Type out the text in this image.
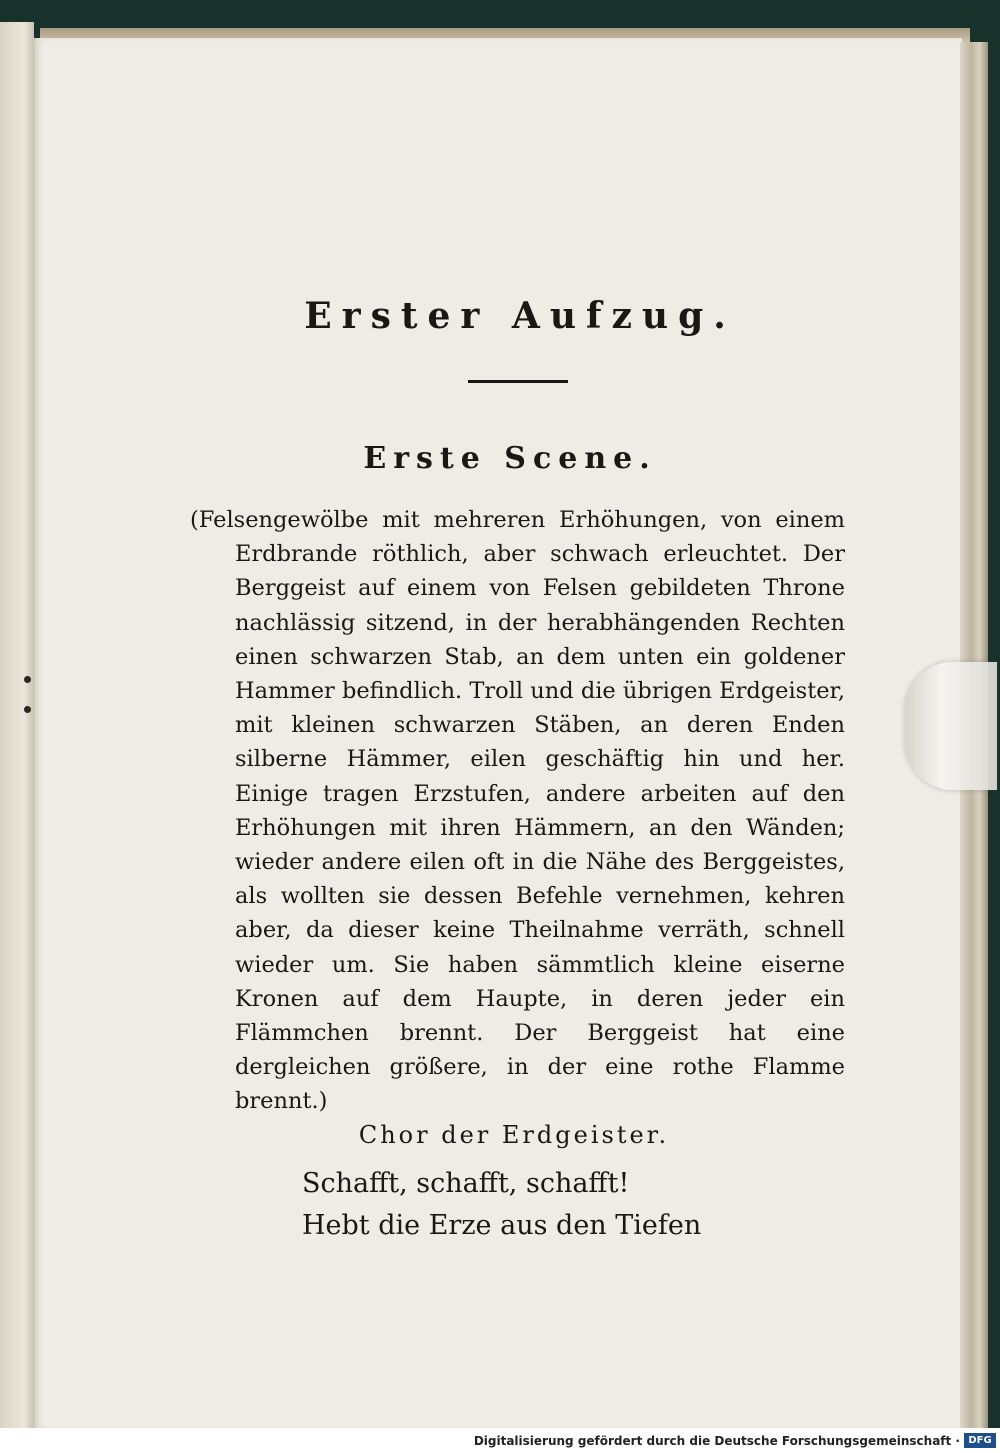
Erster Aufzug.
Erste Scene.
(Felsengewölbe mit mehreren Erhöhungen, von einem Erdbrande röthlich, aber schwach erleuchtet. Der Berggeist auf einem von Felsen gebildeten Throne nachlässig sitzend, in der herabhängenden Rechten einen schwarzen Stab, an dem unten ein goldener Hammer befindlich. Troll und die übrigen Erdgeister, mit kleinen schwarzen Stäben, an deren Enden silberne Hämmer, eilen geschäftig hin und her. Einige tragen Erzstufen, andere arbeiten auf den Erhöhungen mit ihren Hämmern, an den Wänden; wieder andere eilen oft in die Nähe des Berggeistes, als wollten sie dessen Befehle vernehmen, kehren aber, da dieser keine Theilnahme verräth, schnell wieder um. Sie haben sämmtlich kleine eiserne Kronen auf dem Haupte, in deren jeder ein Flämmchen brennt. Der Berggeist hat eine dergleichen größere, in der eine rothe Flamme brennt.)
Chor der Erdgeister.
Schafft, schafft, schafft!
Hebt die Erze aus den Tiefen
Digitalisierung gefördert durch die Deutsche Forschungsgemeinschaft · DFG
